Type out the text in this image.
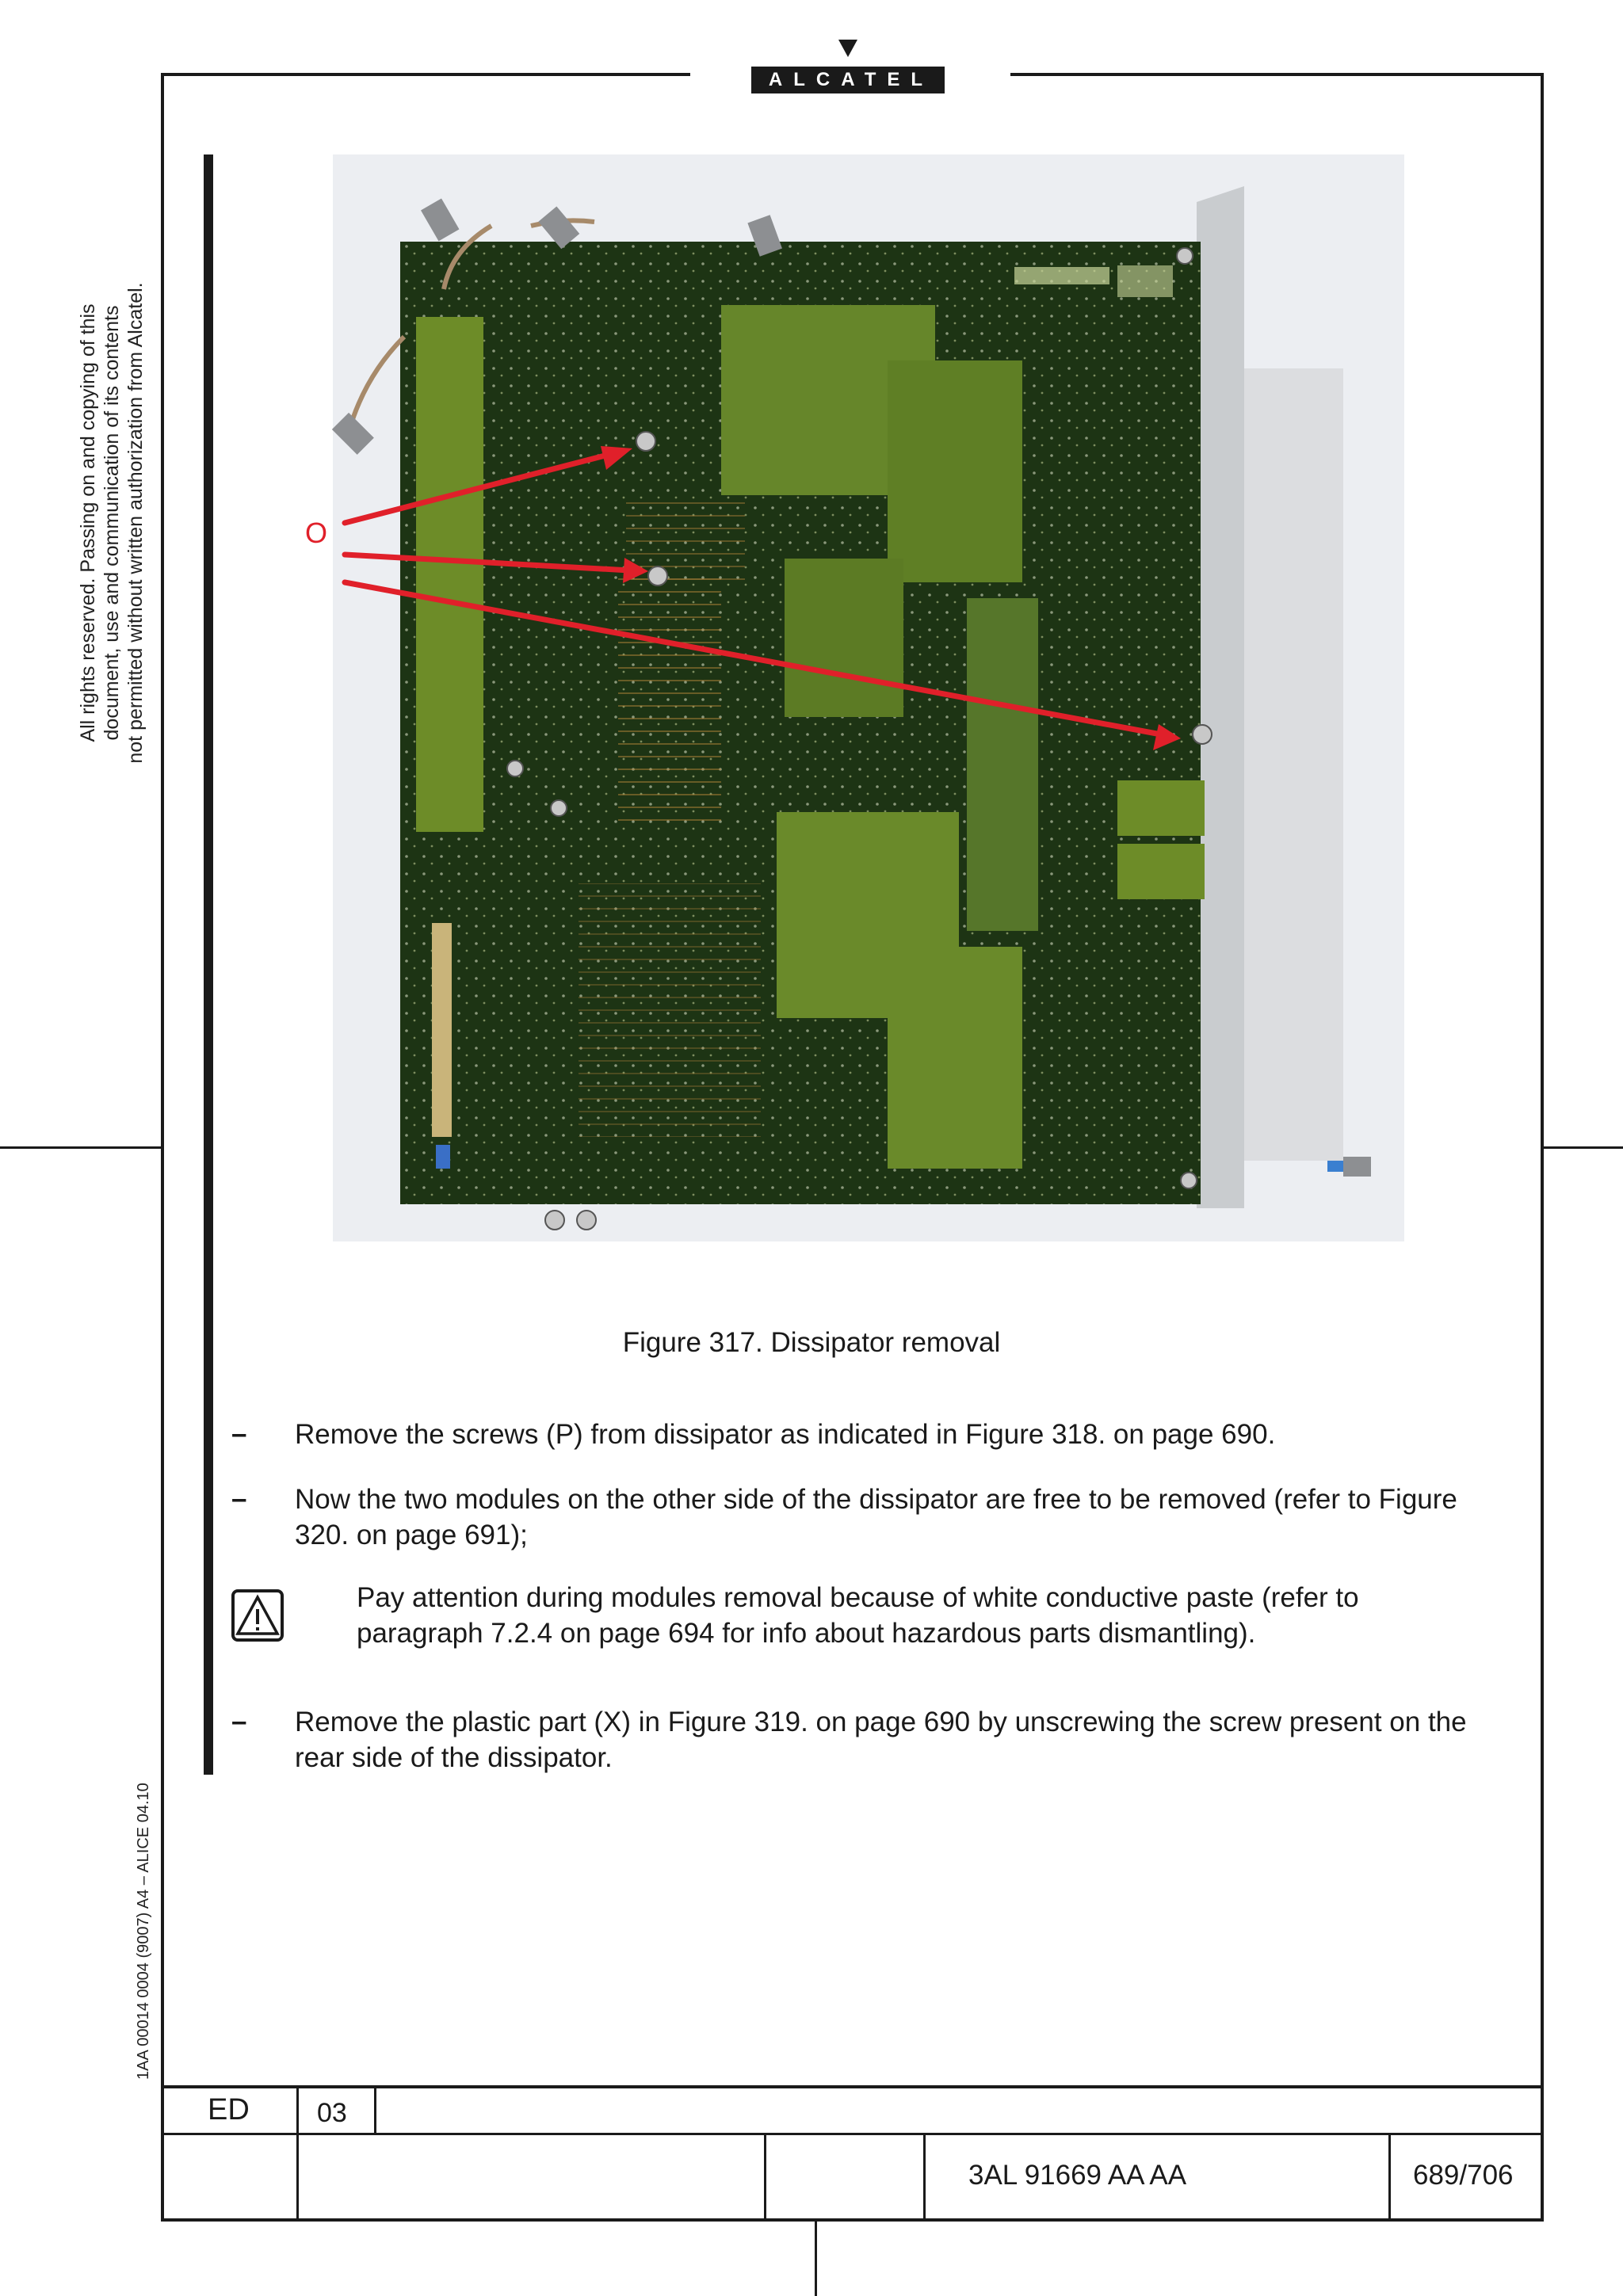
ALCATEL
All rights reserved. Passing on and copying of this document, use and communication of its contents not permitted without written authorization from Alcatel.
1AA 00014 0004 (9007) A4 – ALICE 04.10
O
Figure 317. Dissipator removal
– Remove the screws (P) from dissipator as indicated in Figure 318. on page 690.
– Now the two modules on the other side of the dissipator are free to be removed (refer to Figure 320. on page 691);
Pay attention during modules removal because of white conductive paste (refer to paragraph 7.2.4 on page 694 for info about hazardous parts dismantling).
– Remove the plastic part (X) in Figure 319. on page 690 by unscrewing the screw present on the rear side of the dissipator.
ED	03
3AL 91669 AA AA	689/706
